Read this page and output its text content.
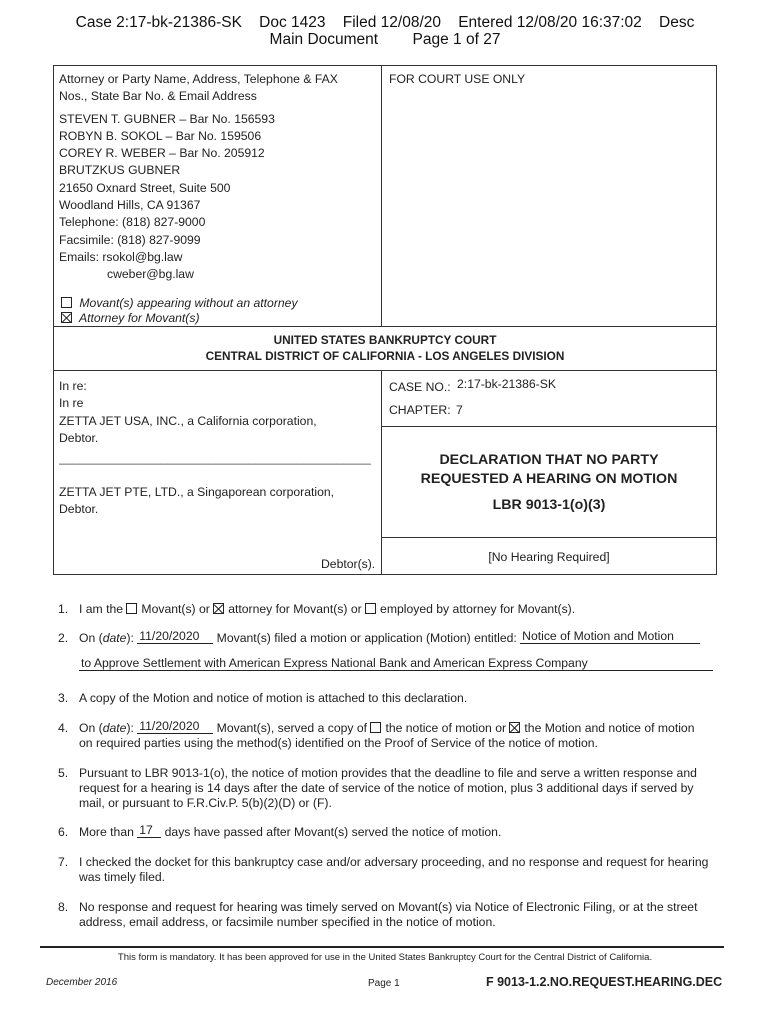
Case 2:17-bk-21386-SK    Doc 1423    Filed 12/08/20    Entered 12/08/20 16:37:02    Desc
Main Document        Page 1 of 27
Attorney or Party Name, Address, Telephone & FAX
Nos., State Bar No. & Email Address
STEVEN T. GUBNER – Bar No. 156593
ROBYN B. SOKOL – Bar No. 159506
COREY R. WEBER – Bar No. 205912
BRUTZKUS GUBNER
21650 Oxnard Street, Suite 500
Woodland Hills, CA 91367
Telephone: (818) 827-9000
Facsimile: (818) 827-9099
Emails: rsokol@bg.law
cweber@bg.law
Movant(s) appearing without an attorney
Attorney for Movant(s)
FOR COURT USE ONLY
UNITED STATES BANKRUPTCY COURT
CENTRAL DISTRICT OF CALIFORNIA - LOS ANGELES DIVISION
In re:
In re
ZETTA JET USA, INC., a California corporation,
Debtor.
______________________________________________
ZETTA JET PTE, LTD., a Singaporean corporation,
Debtor.
Debtor(s).
CASE NO.: 2:17-bk-21386-SK
CHAPTER: 7
DECLARATION THAT NO PARTY
REQUESTED A HEARING ON MOTION
LBR 9013-1(o)(3)
[No Hearing Required]
1. I am the Movant(s) or attorney for Movant(s) or employed by attorney for Movant(s).
2. On (date): 11/20/2020 Movant(s) filed a motion or application (Motion) entitled: Notice of Motion and Motion
to Approve Settlement with American Express National Bank and American Express Company
3. A copy of the Motion and notice of motion is attached to this declaration.
4. On (date): 11/20/2020 Movant(s), served a copy of the notice of motion or the Motion and notice of motion
on required parties using the method(s) identified on the Proof of Service of the notice of motion.
5. Pursuant to LBR 9013-1(o), the notice of motion provides that the deadline to file and serve a written response and
request for a hearing is 14 days after the date of service of the notice of motion, plus 3 additional days if served by
mail, or pursuant to F.R.Civ.P. 5(b)(2)(D) or (F).
6. More than 17 days have passed after Movant(s) served the notice of motion.
7. I checked the docket for this bankruptcy case and/or adversary proceeding, and no response and request for hearing
was timely filed.
8. No response and request for hearing was timely served on Movant(s) via Notice of Electronic Filing, or at the street
address, email address, or facsimile number specified in the notice of motion.
This form is mandatory. It has been approved for use in the United States Bankruptcy Court for the Central District of California.
December 2016	Page 1	F 9013-1.2.NO.REQUEST.HEARING.DEC
